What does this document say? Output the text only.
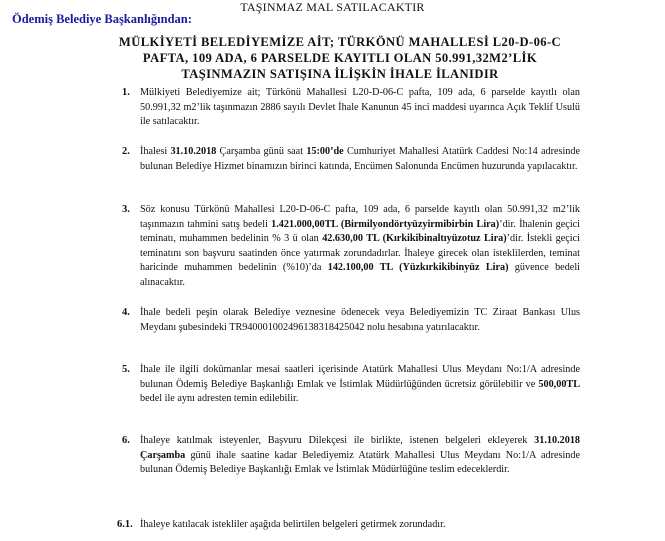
TAŞINMAZ MAL SATILACAKTIR
Ödemiş Belediye Başkanlığından:
MÜLKİYETİ BELEDİYEMİZE AİT; TÜRKÖNÜ MAHALLESİ L20-D-06-C
PAFTA, 109 ADA, 6 PARSELDE KAYITLI OLAN 50.991,32M2’LİK
TAŞINMAZIN SATIŞINA İLİŞKİN İHALE İLANIDIR
1. Mülkiyeti Belediyemize ait; Türkönü Mahallesi L20-D-06-C pafta, 109 ada, 6 parselde kayıtlı olan 50.991,32 m2’lik taşınmazın 2886 sayılı Devlet İhale Kanunun 45 inci maddesi uyarınca Açık Teklif Usulü ile satılacaktır.
2. İhalesi 31.10.2018 Çarşamba günü saat 15:00’de Cumhuriyet Mahallesi Atatürk Caddesi No:14 adresinde bulunan Belediye Hizmet binamızın birinci katında, Encümen Salonunda Encümen huzurunda yapılacaktır.
3. Söz konusu Türkönü Mahallesi L20-D-06-C pafta, 109 ada, 6 parselde kayıtlı olan 50.991,32 m2’lik taşınmazın tahmini satış bedeli 1.421.000,00TL (Birmilyondörtyüzyirmibirbin Lira)’dir. İhalenin geçici teminatı, muhammen bedelinin % 3 ü olan 42.630,00 TL (Kırkikibinaltıyüzotuz Lira)’dir. İstekli geçici teminatını son başvuru saatinden önce yatırmak zorundadırlar. İhaleye girecek olan isteklilerden, teminat haricinde muhammen bedelinin (%10)’da 142.100,00 TL (Yüzkırkikibinyüz Lira) güvence bedeli alınacaktır.
4. İhale bedeli peşin olarak Belediye veznesine ödenecek veya Belediyemizin TC Ziraat Bankası Ulus Meydanı şubesindeki TR940001002496138318425042 nolu hesabına yatırılacaktır.
5. İhale ile ilgili dokümanlar mesai saatleri içerisinde Atatürk Mahallesi Ulus Meydanı No:1/A adresinde bulunan Ödemiş Belediye Başkanlığı Emlak ve İstimlak Müdürlüğünden ücretsiz görülebilir ve 500,00TL bedel ile aynı adresten temin edilebilir.
6. İhaleye katılmak isteyenler, Başvuru Dilekçesi ile birlikte, istenen belgeleri ekleyerek 31.10.2018 Çarşamba günü ihale saatine kadar Belediyemiz Atatürk Mahallesi Ulus Meydanı No:1/A adresinde bulunan Ödemiş Belediye Başkanlığı Emlak ve İstimlak Müdürlüğüne teslim edeceklerdir.
6.1. İhaleye katılacak istekliler aşağıda belirtilen belgeleri getirmek zorundadır.
